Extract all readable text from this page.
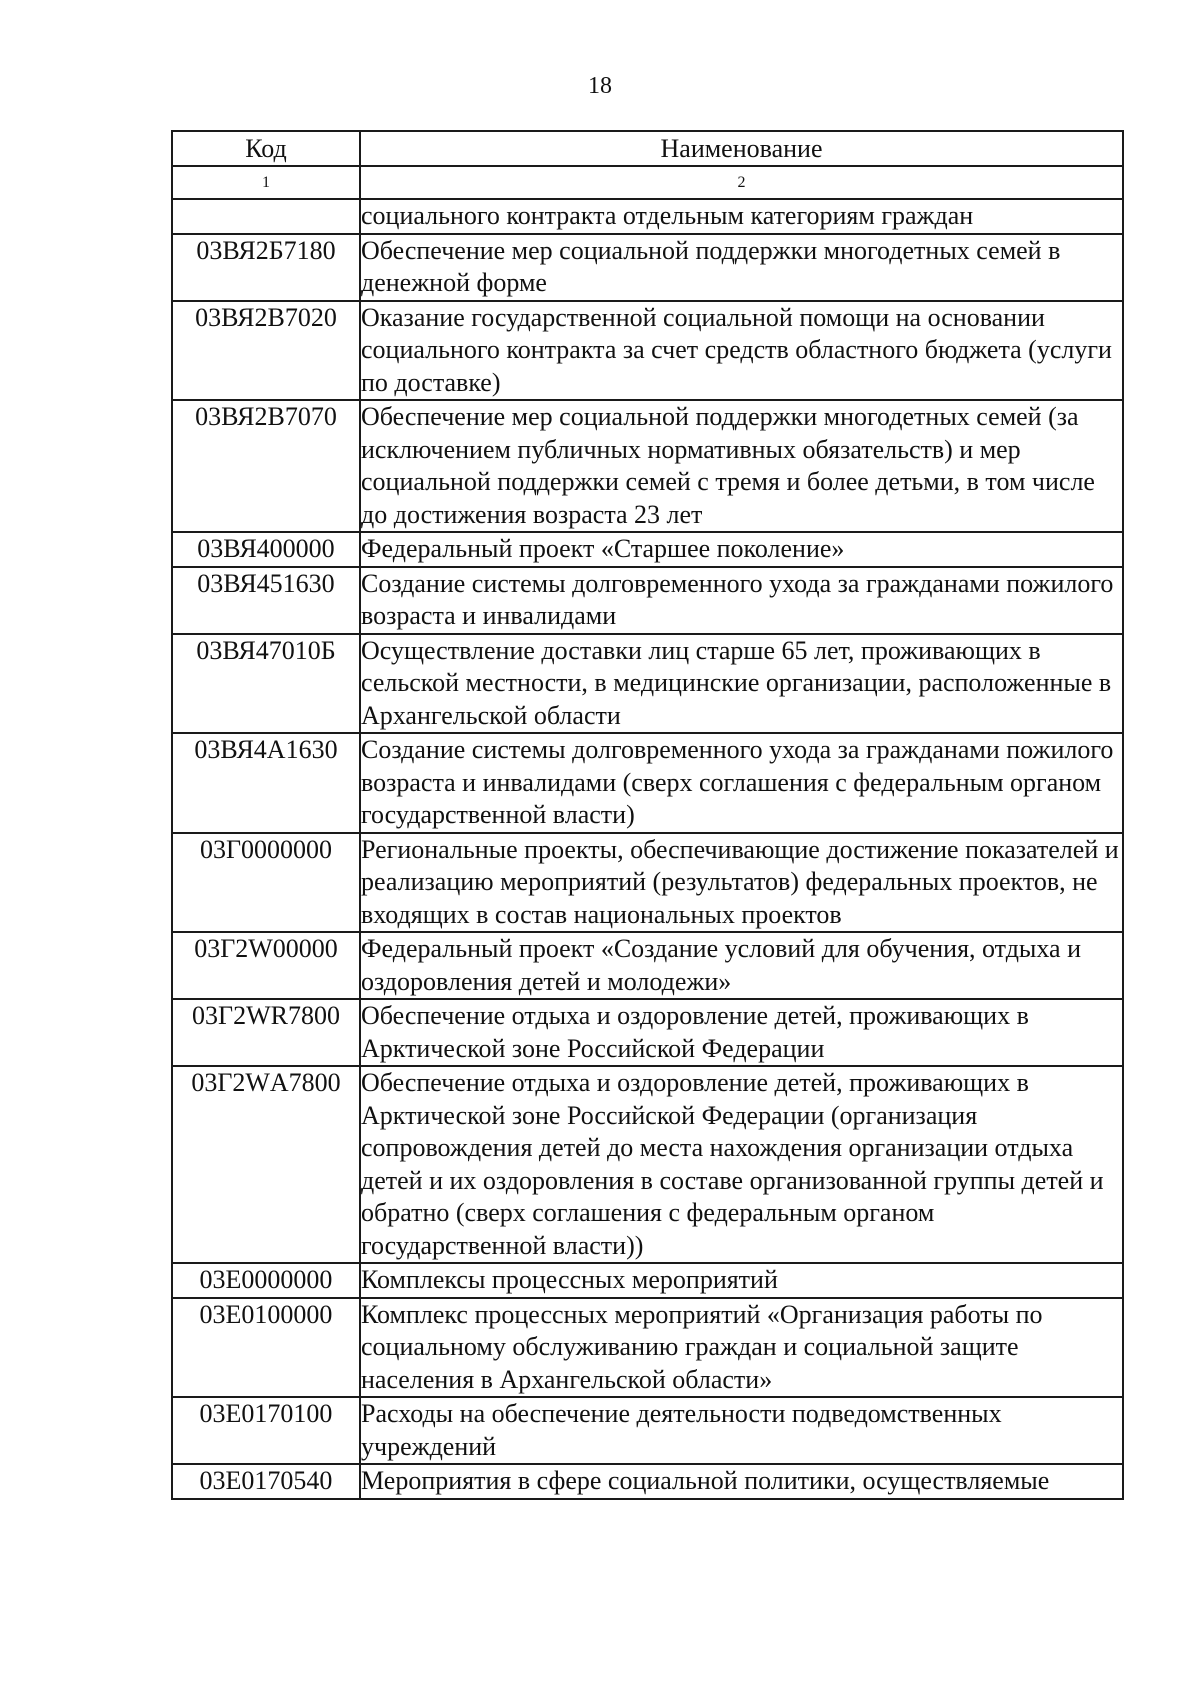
18
Код	Наименование
1	2
	социального контракта отдельным категориям граждан
03ВЯ2Б7180	Обеспечение мер социальной поддержки многодетных семей в денежной форме
03ВЯ2В7020	Оказание государственной социальной помощи на основании социального контракта за счет средств областного бюджета (услуги по доставке)
03ВЯ2В7070	Обеспечение мер социальной поддержки многодетных семей (за исключением публичных нормативных обязательств) и мер социальной поддержки семей с тремя и более детьми, в том числе до достижения возраста 23 лет
03ВЯ400000	Федеральный проект «Старшее поколение»
03ВЯ451630	Создание системы долговременного ухода за гражданами пожилого возраста и инвалидами
03ВЯ47010Б	Осуществление доставки лиц старше 65 лет, проживающих в сельской местности, в медицинские организации, расположенные в Архангельской области
03ВЯ4А1630	Создание системы долговременного ухода за гражданами пожилого возраста и инвалидами (сверх соглашения с федеральным органом государственной власти)
03Г0000000	Региональные проекты, обеспечивающие достижение показателей и реализацию мероприятий (результатов) федеральных проектов, не входящих в состав национальных проектов
03Г2W00000	Федеральный проект «Создание условий для обучения, отдыха и оздоровления детей и молодежи»
03Г2WR7800	Обеспечение отдыха и оздоровление детей, проживающих в Арктической зоне Российской Федерации
03Г2WА7800	Обеспечение отдыха и оздоровление детей, проживающих в Арктической зоне Российской Федерации (организация сопровождения детей до места нахождения организации отдыха детей и их оздоровления в составе организованной группы детей и обратно (сверх соглашения с федеральным органом государственной власти))
03Е0000000	Комплексы процессных мероприятий
03Е0100000	Комплекс процессных мероприятий «Организация работы по социальному обслуживанию граждан и социальной защите населения в Архангельской области»
03Е0170100	Расходы на обеспечение деятельности подведомственных учреждений
03Е0170540	Мероприятия в сфере социальной политики, осуществляемые
